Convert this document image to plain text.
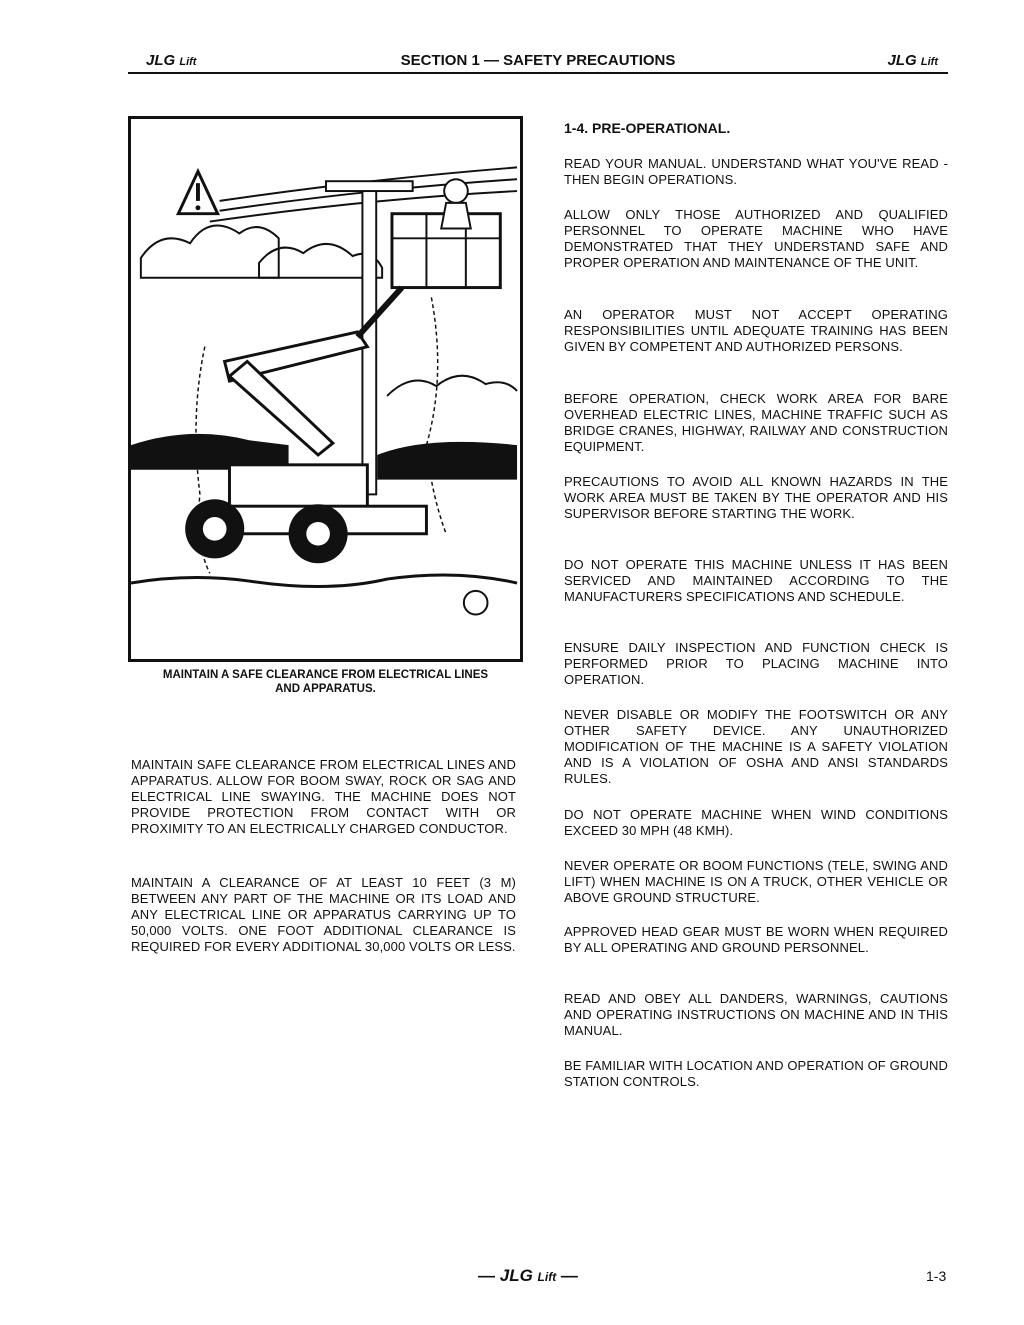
JLG Lift	SECTION 1 — SAFETY PRECAUTIONS	JLG Lift
MAINTAIN A SAFE CLEARANCE FROM ELECTRICAL LINES
AND APPARATUS.

MAINTAIN SAFE CLEARANCE FROM ELECTRICAL LINES AND APPARATUS. ALLOW FOR BOOM SWAY, ROCK OR SAG AND ELECTRICAL LINE SWAYING. THE MACHINE DOES NOT PROVIDE PROTECTION FROM CONTACT WITH OR PROXIMITY TO AN ELECTRICALLY CHARGED CONDUCTOR.

MAINTAIN A CLEARANCE OF AT LEAST 10 FEET (3 M) BETWEEN ANY PART OF THE MACHINE OR ITS LOAD AND ANY ELECTRICAL LINE OR APPARATUS CARRYING UP TO 50,000 VOLTS. ONE FOOT ADDITIONAL CLEARANCE IS REQUIRED FOR EVERY ADDITIONAL 30,000 VOLTS OR LESS.

1-4. PRE-OPERATIONAL.

READ YOUR MANUAL. UNDERSTAND WHAT YOU'VE READ - THEN BEGIN OPERATIONS.

ALLOW ONLY THOSE AUTHORIZED AND QUALIFIED PERSONNEL TO OPERATE MACHINE WHO HAVE DEMONSTRATED THAT THEY UNDERSTAND SAFE AND PROPER OPERATION AND MAINTENANCE OF THE UNIT.

AN OPERATOR MUST NOT ACCEPT OPERATING RESPONSIBILITIES UNTIL ADEQUATE TRAINING HAS BEEN GIVEN BY COMPETENT AND AUTHORIZED PERSONS.

BEFORE OPERATION, CHECK WORK AREA FOR BARE OVERHEAD ELECTRIC LINES, MACHINE TRAFFIC SUCH AS BRIDGE CRANES, HIGHWAY, RAILWAY AND CONSTRUCTION EQUIPMENT.

PRECAUTIONS TO AVOID ALL KNOWN HAZARDS IN THE WORK AREA MUST BE TAKEN BY THE OPERATOR AND HIS SUPERVISOR BEFORE STARTING THE WORK.

DO NOT OPERATE THIS MACHINE UNLESS IT HAS BEEN SERVICED AND MAINTAINED ACCORDING TO THE MANUFACTURERS SPECIFICATIONS AND SCHEDULE.

ENSURE DAILY INSPECTION AND FUNCTION CHECK IS PERFORMED PRIOR TO PLACING MACHINE INTO OPERATION.

NEVER DISABLE OR MODIFY THE FOOTSWITCH OR ANY OTHER SAFETY DEVICE. ANY UNAUTHORIZED MODIFICATION OF THE MACHINE IS A SAFETY VIOLATION AND IS A VIOLATION OF OSHA AND ANSI STANDARDS RULES.

DO NOT OPERATE MACHINE WHEN WIND CONDITIONS EXCEED 30 MPH (48 KMH).

NEVER OPERATE OR BOOM FUNCTIONS (TELE, SWING AND LIFT) WHEN MACHINE IS ON A TRUCK, OTHER VEHICLE OR ABOVE GROUND STRUCTURE.

APPROVED HEAD GEAR MUST BE WORN WHEN REQUIRED BY ALL OPERATING AND GROUND PERSONNEL.

READ AND OBEY ALL DANDERS, WARNINGS, CAUTIONS AND OPERATING INSTRUCTIONS ON MACHINE AND IN THIS MANUAL.

BE FAMILIAR WITH LOCATION AND OPERATION OF GROUND STATION CONTROLS.

— JLG Lift —	1-3
